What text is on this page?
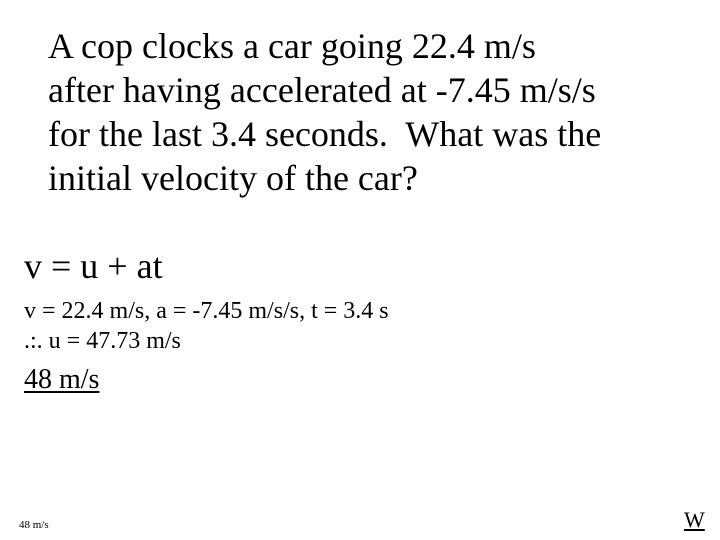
A cop clocks a car going 22.4 m/s
after having accelerated at -7.45 m/s/s
for the last 3.4 seconds.  What was the
initial velocity of the car?
v = u + at
v = 22.4 m/s, a = -7.45 m/s/s, t = 3.4 s
.:. u = 47.73 m/s
48 m/s
48 m/s	W
